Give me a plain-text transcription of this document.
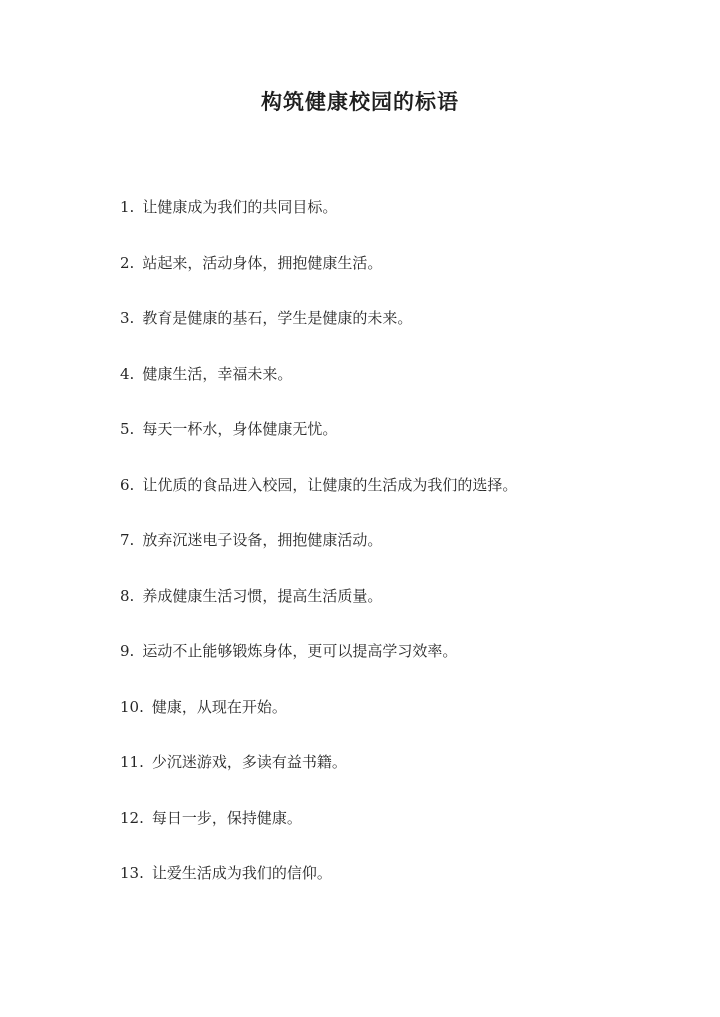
构筑健康校园的标语
1. 让健康成为我们的共同目标。
2. 站起来，活动身体，拥抱健康生活。
3. 教育是健康的基石，学生是健康的未来。
4. 健康生活，幸福未来。
5. 每天一杯水，身体健康无忧。
6. 让优质的食品进入校园，让健康的生活成为我们的选择。
7. 放弃沉迷电子设备，拥抱健康活动。
8. 养成健康生活习惯，提高生活质量。
9. 运动不止能够锻炼身体，更可以提高学习效率。
10. 健康，从现在开始。
11. 少沉迷游戏，多读有益书籍。
12. 每日一步，保持健康。
13. 让爱生活成为我们的信仰。
